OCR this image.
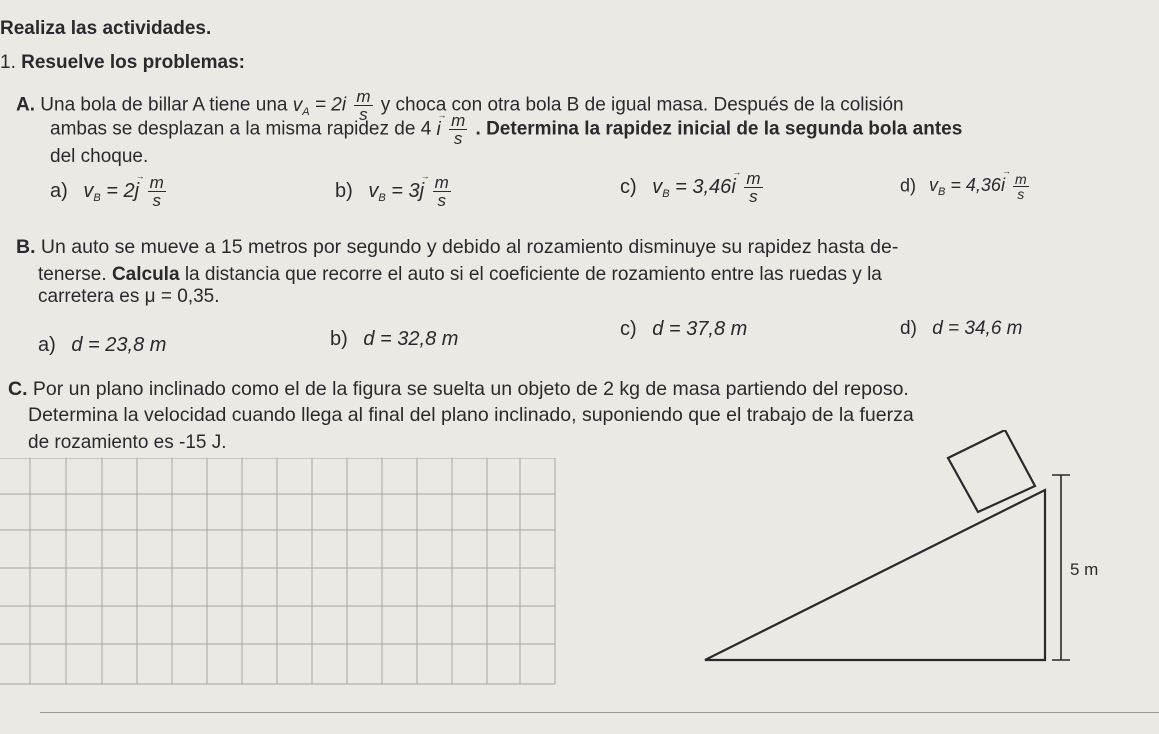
Realiza las actividades.
1. Resuelve los problemas:
A. Una bola de billar A tiene una $v_A = 2i \frac{m}{s}$ y choca con otra bola B de igual masa. Después de la colisión
ambas se desplazan a la misma rapidez de 4 → i $\frac{m}{s}$ . Determina la rapidez inicial de la segunda bola antes
del choque.
a) $v_B = 2\to j \frac{m}{s}$	b) $v_B = 3\to j \frac{m}{s}$	c) $v_B = 3,46\to i \frac{m}{s}$	d) $v_B = 4,36\to i \frac{m}{s}$
B. Un auto se mueve a 15 metros por segundo y debido al rozamiento disminuye su rapidez hasta de-
tenerse. Calcula la distancia que recorre el auto si el coeficiente de rozamiento entre las ruedas y la
carretera es μ = 0,35.
a) d = 23,8 m	b) d = 32,8 m	c) d = 37,8 m	d) d = 34,6 m
C. Por un plano inclinado como el de la figura se suelta un objeto de 2 kg de masa partiendo del reposo.
Determina la velocidad cuando llega al final del plano inclinado, suponiendo que el trabajo de la fuerza
de rozamiento es -15 J.
5 m
